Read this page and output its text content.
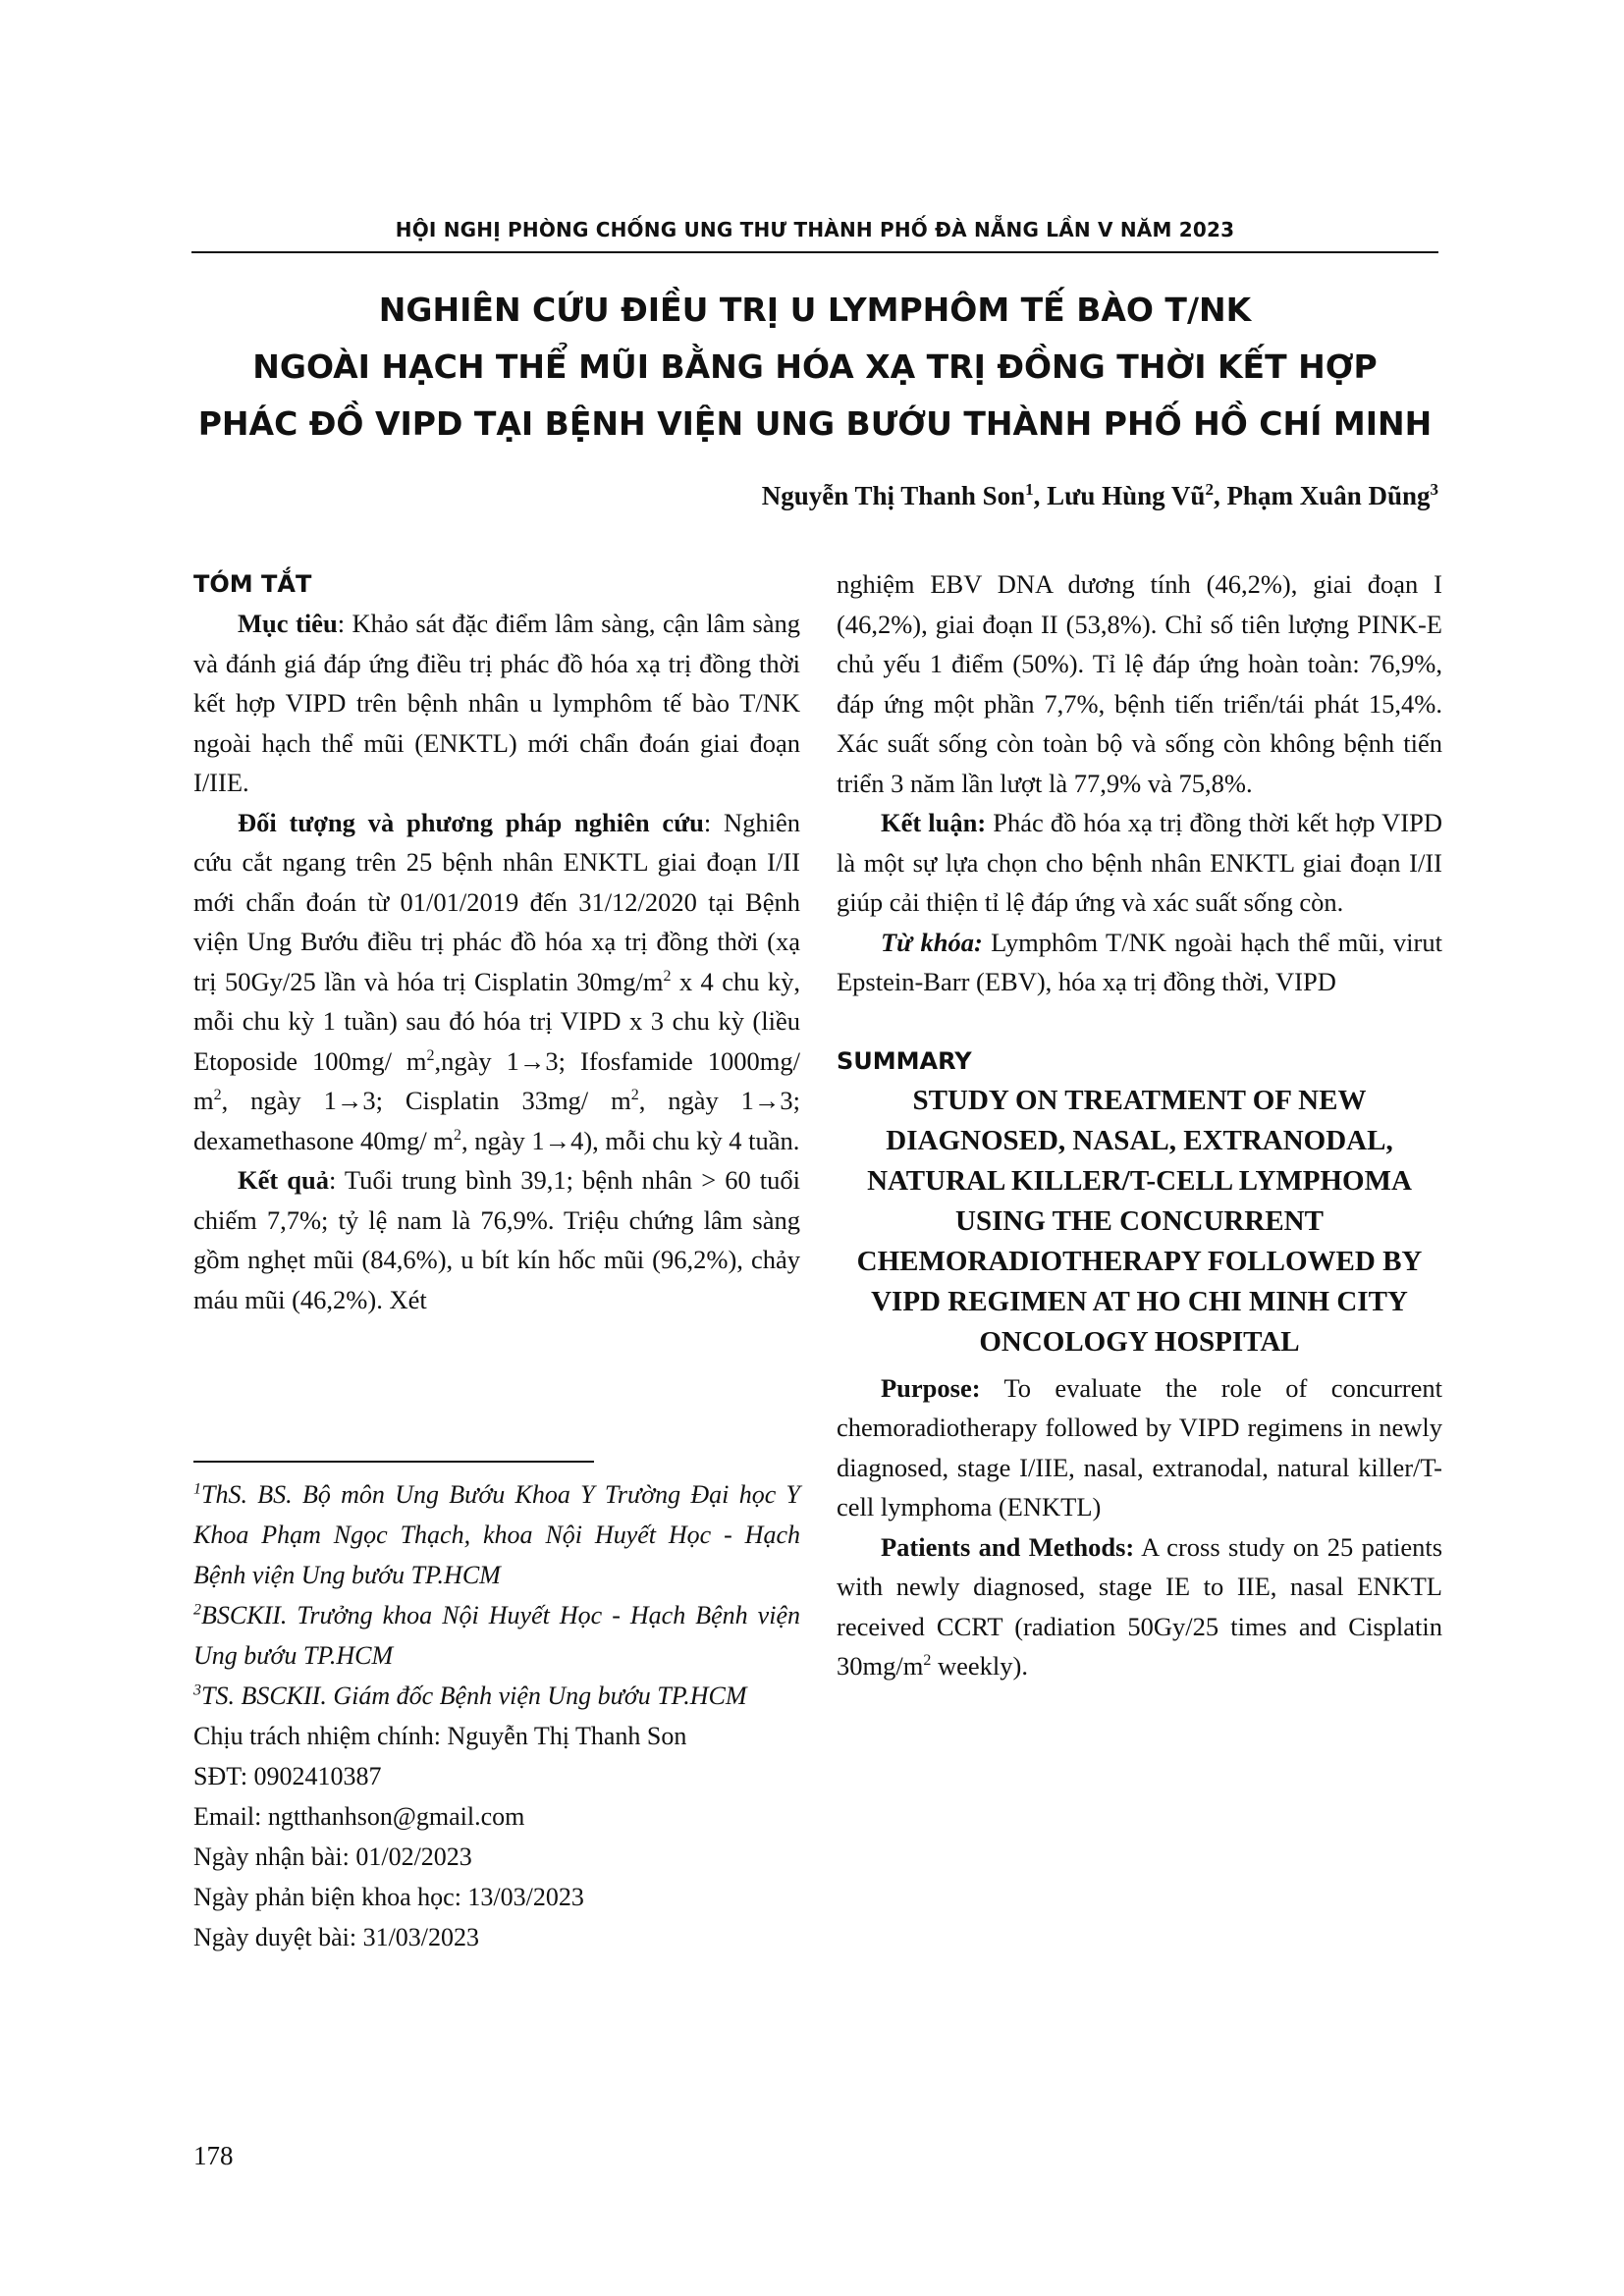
HỘI NGHỊ PHÒNG CHỐNG UNG THƯ THÀNH PHỐ ĐÀ NẴNG LẦN V NĂM 2023
NGHIÊN CỨU ĐIỀU TRỊ U LYMPHÔM TẾ BÀO T/NK
NGOÀI HẠCH THỂ MŨI BẰNG HÓA XẠ TRỊ ĐỒNG THỜI KẾT HỢP
PHÁC ĐỒ VIPD TẠI BỆNH VIỆN UNG BƯỚU THÀNH PHỐ HỒ CHÍ MINH
Nguyễn Thị Thanh Son$^1$, Lưu Hùng $Vũ^2$, Phạm Xuân Dũng$^3$
TÓM TẮT

Mục tiêu: Khảo sát đặc điểm lâm sàng, cận lâm sàng và đánh giá đáp ứng điều trị phác đồ hóa xạ trị đồng thời kết hợp VIPD trên bệnh nhân u lymphôm tế bào T/NK ngoài hạch thể mũi (ENKTL) mới chẩn đoán giai đoạn I/IIE.

Đối tượng và phương pháp nghiên cứu: Nghiên cứu cắt ngang trên 25 bệnh nhân ENKTL giai đoạn I/II mới chẩn đoán từ 01/01/2019 đến 31/12/2020 tại Bệnh viện Ung Bướu điều trị phác đồ hóa xạ trị đồng thời (xạ trị 50Gy/25 lần và hóa trị Cisplatin $30mg/m^2$ x 4 chu kỳ, mỗi chu kỳ 1 tuần) sau đó hóa trị VIPD x 3 chu kỳ (liều Etoposide 100mg/ $m^2,ngày$ 1→3; Ifosfamide 1000mg/ $m^2$, ngày 1→3; Cisplatin 33mg/ $m^2$, ngày 1→3; dexamethasone 40mg/ $m^2$, ngày 1→4), mỗi chu kỳ 4 tuần.

Kết quả: Tuổi trung bình 39,1; bệnh nhân > 60 tuổi chiếm 7,7%; tỷ lệ nam là 76,9%. Triệu chứng lâm sàng gồm nghẹt mũi (84,6%), u bít kín hốc mũi (96,2%), chảy máu mũi (46,2%). Xét

$^1$ThS. BS. Bộ môn Ung Bướu Khoa Y Trường Đại học Y Khoa Phạm Ngọc Thạch, khoa Nội Huyết Học - Hạch Bệnh viện Ung bướu TP.HCM

$^2$BSCKII. Trưởng khoa Nội Huyết Học - Hạch Bệnh viện Ung bướu TP.HCM

$^3$TS. BSCKII. Giám đốc Bệnh viện Ung bướu TP.HCM

Chịu trách nhiệm chính: Nguyễn Thị Thanh Son

SĐT: 0902410387

Email: ngtthanhson@gmail.com

Ngày nhận bài: 01/02/2023

Ngày phản biện khoa học: 13/03/2023

Ngày duyệt bài: 31/03/2023

nghiệm EBV DNA dương tính (46,2%), giai đoạn I (46,2%), giai đoạn II (53,8%). Chỉ số tiên lượng PINK-E chủ yếu 1 điểm (50%). Tỉ lệ đáp ứng hoàn toàn: 76,9%, đáp ứng một phần 7,7%, bệnh tiến triển/tái phát 15,4%. Xác suất sống còn toàn bộ và sống còn không bệnh tiến triển 3 năm lần lượt là 77,9% và 75,8%.

Kết luận: Phác đồ hóa xạ trị đồng thời kết hợp VIPD là một sự lựa chọn cho bệnh nhân ENKTL giai đoạn I/II giúp cải thiện tỉ lệ đáp ứng và xác suất sống còn.

Từ khóa: Lymphôm T/NK ngoài hạch thể mũi, virut Epstein-Barr (EBV), hóa xạ trị đồng thời, VIPD

SUMMARY
STUDY ON TREATMENT OF NEW DIAGNOSED, NASAL, EXTRANODAL, NATURAL KILLER/T-CELL LYMPHOMA USING THE CONCURRENT CHEMORADIOTHERAPY FOLLOWED BY VIPD REGIMEN AT HO CHI MINH CITY ONCOLOGY HOSPITAL

Purpose: To evaluate the role of concurrent chemoradiotherapy followed by VIPD regimens in newly diagnosed, stage I/IIE, nasal, extranodal, natural killer/T-cell lymphoma (ENKTL)

Patients and Methods: A cross study on 25 patients with newly diagnosed, stage IE to IIE, nasal ENKTL received CCRT (radiation 50Gy/25 times and Cisplatin $30mg/m^2$ weekly).

178
